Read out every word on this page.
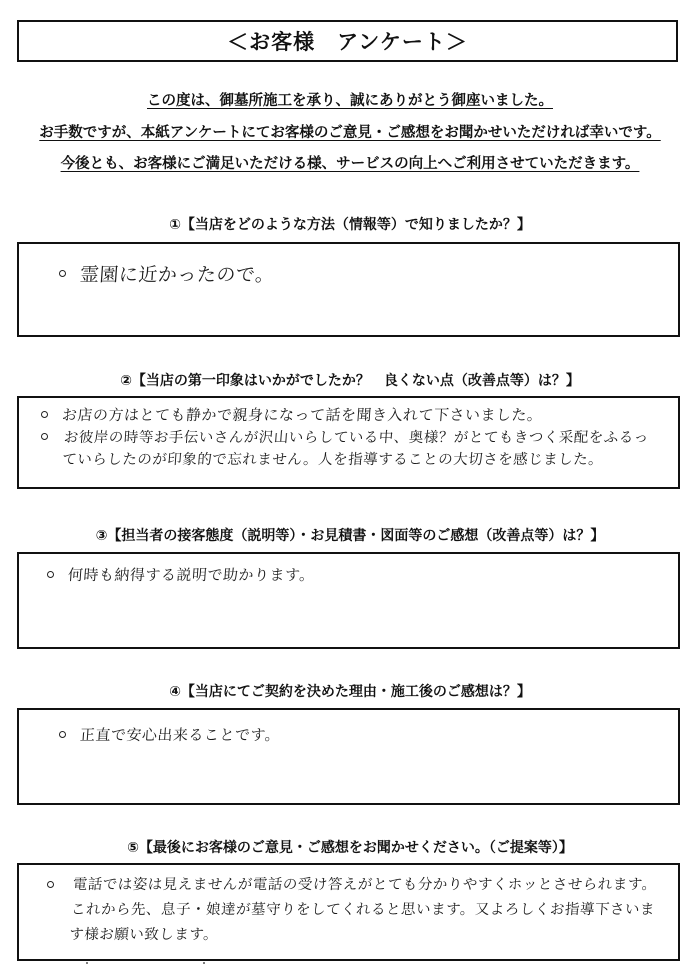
＜お客様　アンケート＞
この度は、御墓所施工を承り、誠にありがとう御座いました。
お手数ですが、本紙アンケートにてお客様のご意見・ご感想をお聞かせいただければ幸いです。
今後とも、お客様にご満足いただける様、サービスの向上へご利用させていただきます。
①【当店をどのような方法（情報等）で知りましたか？】
霊園に近かったので。
②【当店の第一印象はいかがでしたか？　良くない点（改善点等）は？】
お店の方はとても静かで親身になって話を聞き入れて下さいました。
お彼岸の時等お手伝いさんが沢山いらしている中、奥様？がとてもきつく采配をふるっていらしたのが印象的で忘れません。人を指導することの大切さを感じました。
③【担当者の接客態度（説明等）・お見積書・図面等のご感想（改善点等）は？】
何時も納得する説明で助かります。
④【当店にてご契約を決めた理由・施工後のご感想は？】
正直で安心出来ることです。
⑤【最後にお客様のご意見・ご感想をお聞かせください。（ご提案等）】
電話では姿は見えませんが電話の受け答えがとても分かりやすくホッとさせられます。これから先、息子・娘達が墓守りをしてくれると思います。又よろしくお指導下さいます様お願い致します。
